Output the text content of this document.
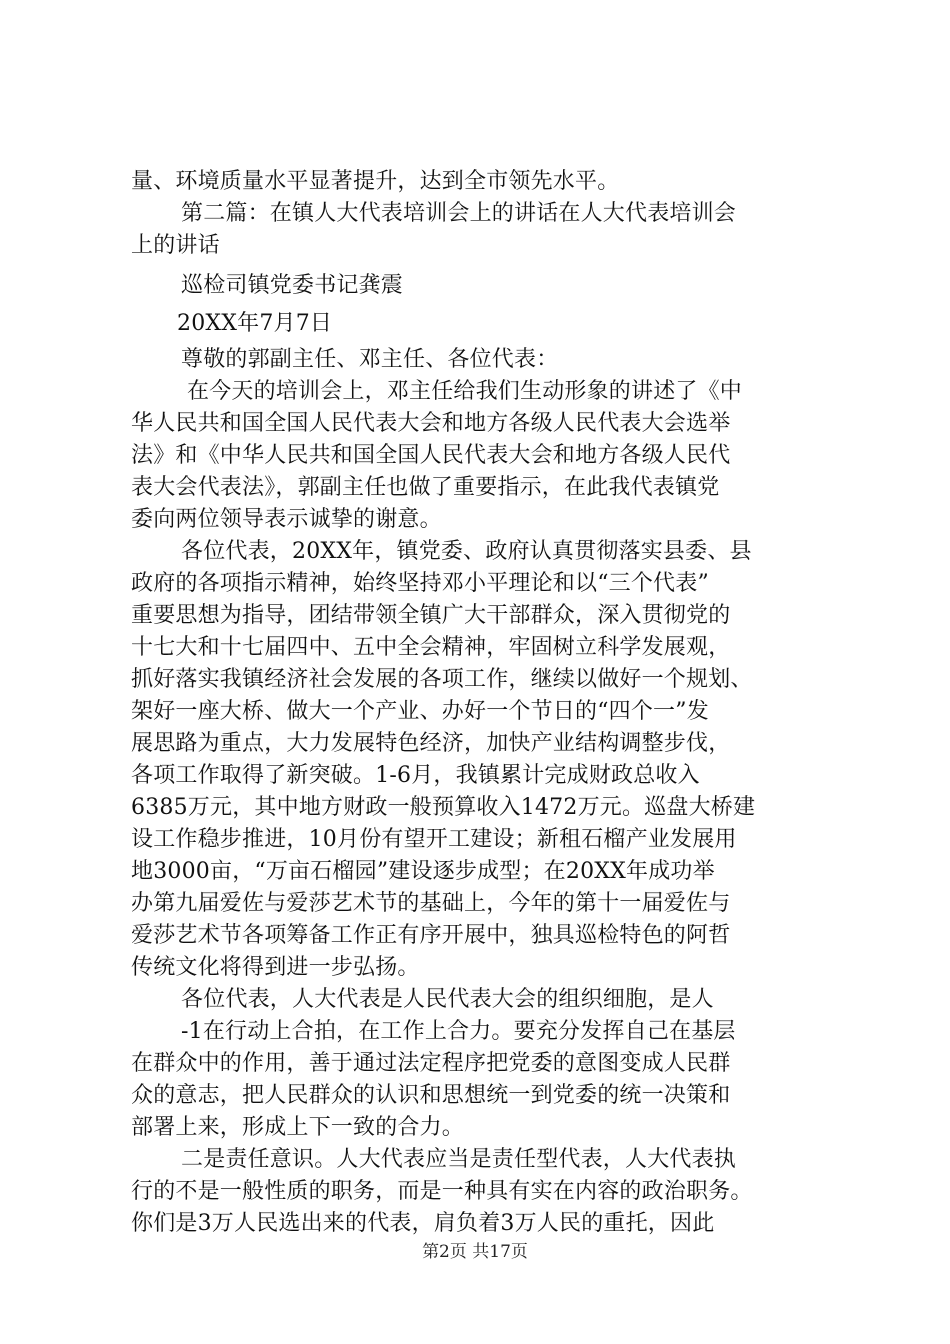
量、环境质量水平显著提升，达到全市领先水平。
第二篇：在镇人大代表培训会上的讲话在人大代表培训会
上的讲话
巡检司镇党委书记龚震
20XX年7月7日
尊敬的郭副主任、邓主任、各位代表：
在今天的培训会上，邓主任给我们生动形象的讲述了《中
华人民共和国全国人民代表大会和地方各级人民代表大会选举
法》和《中华人民共和国全国人民代表大会和地方各级人民代
表大会代表法》，郭副主任也做了重要指示，在此我代表镇党
委向两位领导表示诚挚的谢意。
各位代表，20XX年，镇党委、政府认真贯彻落实县委、县
政府的各项指示精神，始终坚持邓小平理论和以“三个代表”
重要思想为指导，团结带领全镇广大干部群众，深入贯彻党的
十七大和十七届四中、五中全会精神，牢固树立科学发展观，
抓好落实我镇经济社会发展的各项工作，继续以做好一个规划、
架好一座大桥、做大一个产业、办好一个节日的“四个一”发
展思路为重点，大力发展特色经济，加快产业结构调整步伐，
各项工作取得了新突破。1-6月，我镇累计完成财政总收入
6385万元，其中地方财政一般预算收入1472万元。巡盘大桥建
设工作稳步推进，10月份有望开工建设；新租石榴产业发展用
地3000亩，“万亩石榴园”建设逐步成型；在20XX年成功举
办第九届爱佐与爱莎艺术节的基础上，今年的第十一届爱佐与
爱莎艺术节各项筹备工作正有序开展中，独具巡检特色的阿哲
传统文化将得到进一步弘扬。
各位代表，人大代表是人民代表大会的组织细胞，是人
-1在行动上合拍，在工作上合力。要充分发挥自己在基层
在群众中的作用，善于通过法定程序把党委的意图变成人民群
众的意志，把人民群众的认识和思想统一到党委的统一决策和
部署上来，形成上下一致的合力。
二是责任意识。人大代表应当是责任型代表，人大代表执
行的不是一般性质的职务，而是一种具有实在内容的政治职务。
你们是3万人民选出来的代表，肩负着3万人民的重托，因此
第2页 共17页
